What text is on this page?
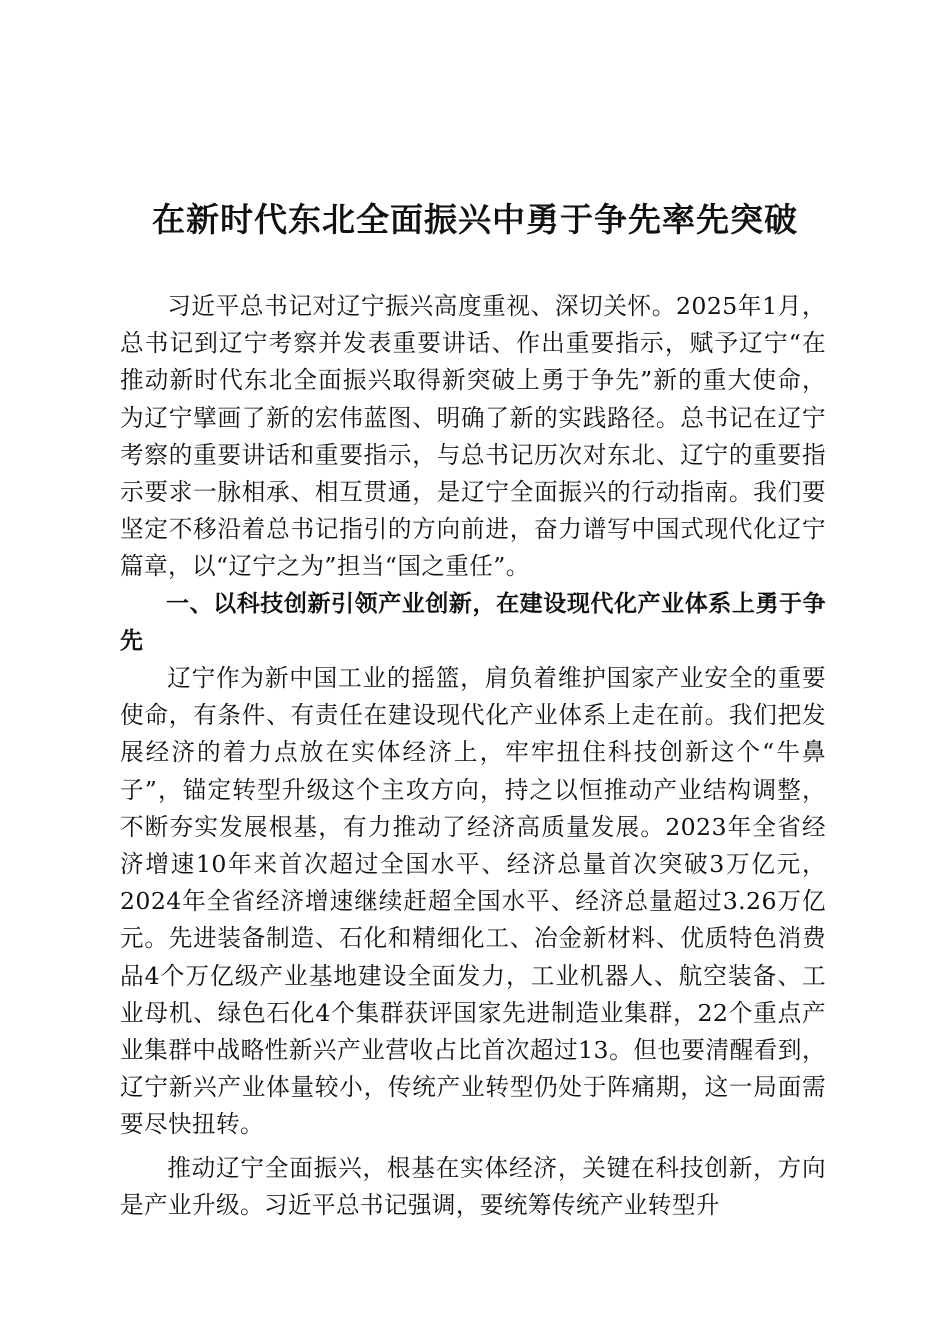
在新时代东北全面振兴中勇于争先率先突破

习近平总书记对辽宁振兴高度重视、深切关怀。2025年1月，总书记到辽宁考察并发表重要讲话、作出重要指示，赋予辽宁“在推动新时代东北全面振兴取得新突破上勇于争先”新的重大使命，为辽宁擘画了新的宏伟蓝图、明确了新的实践路径。总书记在辽宁考察的重要讲话和重要指示，与总书记历次对东北、辽宁的重要指示要求一脉相承、相互贯通，是辽宁全面振兴的行动指南。我们要坚定不移沿着总书记指引的方向前进，奋力谱写中国式现代化辽宁篇章，以“辽宁之为”担当“国之重任”。

一、以科技创新引领产业创新，在建设现代化产业体系上勇于争先

辽宁作为新中国工业的摇篮，肩负着维护国家产业安全的重要使命，有条件、有责任在建设现代化产业体系上走在前。我们把发展经济的着力点放在实体经济上，牢牢扭住科技创新这个“牛鼻子”，锚定转型升级这个主攻方向，持之以恒推动产业结构调整，不断夯实发展根基，有力推动了经济高质量发展。2023年全省经济增速10年来首次超过全国水平、经济总量首次突破3万亿元，2024年全省经济增速继续赶超全国水平、经济总量超过3.26万亿元。先进装备制造、石化和精细化工、冶金新材料、优质特色消费品4个万亿级产业基地建设全面发力，工业机器人、航空装备、工业母机、绿色石化4个集群获评国家先进制造业集群，22个重点产业集群中战略性新兴产业营收占比首次超过13。但也要清醒看到，辽宁新兴产业体量较小，传统产业转型仍处于阵痛期，这一局面需要尽快扭转。

推动辽宁全面振兴，根基在实体经济，关键在科技创新，方向是产业升级。习近平总书记强调，要统筹传统产业转型升
